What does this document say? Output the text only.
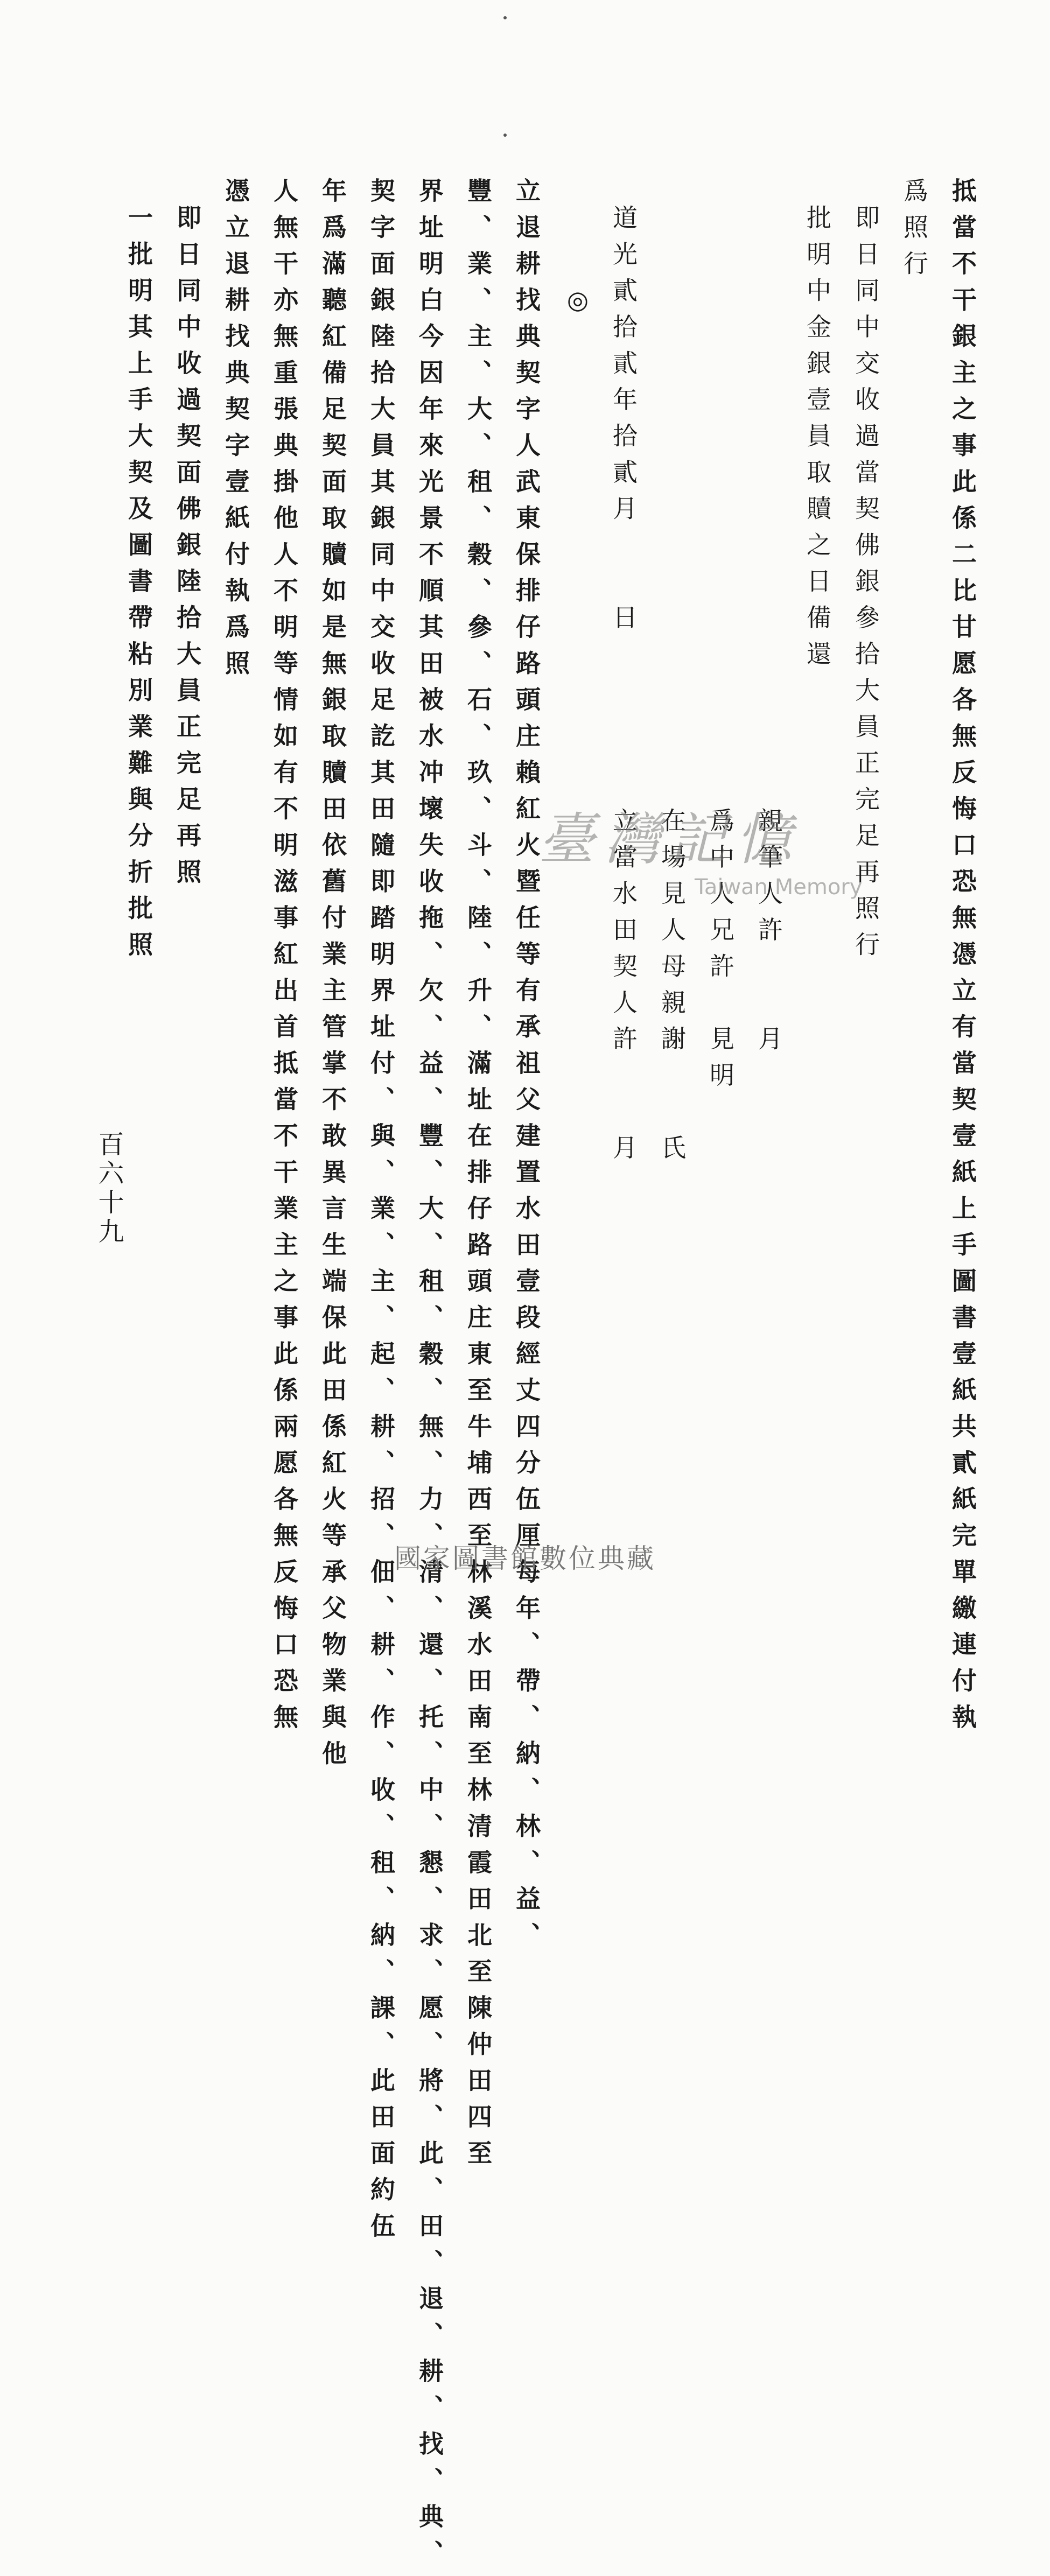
抵當不干銀主之事此係二比甘愿各無反悔口恐無憑立有當契壹紙上手圖書壹紙共貳紙完單繳連付執
爲照行
即日同中交收過當契佛銀參拾大員正完足再照行
批明中金銀壹員取贖之日備還
親筆人許　　月
爲中人兄許　見明
在場見人母親謝　　氏
立當水田契人許　　月
道光貳拾貳年拾貳月　　日
◎
立退耕找典契字人武東保排仔路頭庄賴紅火暨任等有承祖父建置水田壹段經丈四分伍厘每年、帶、納、林、益、
豐、業、主、大、租、穀、參、石、玖、斗、陸、升、滿址在排仔路頭庄東至牛埔西至林溪水田南至林清霞田北至陳仲田四至
界址明白今因年來光景不順其田被水冲壞失收拖、欠、益、豐、大、租、穀、無、力、清、還、托、中、懇、求、愿、將、此、田、退、耕、找、典、
契字面銀陸拾大員其銀同中交收足訖其田隨即踏明界址付、與、業、主、起、耕、招、佃、耕、作、收、租、納、課、此田面約伍
年爲滿聽紅備足契面取贖如是無銀取贖田依舊付業主管掌不敢異言生端保此田係紅火等承父物業與他
人無干亦無重張典掛他人不明等情如有不明滋事紅出首抵當不干業主之事此係兩愿各無反悔口恐無
憑立退耕找典契字壹紙付執爲照
即日同中收過契面佛銀陸拾大員正完足再照
一批明其上手大契及圖書帶粘別業難與分折批照
百六十九
臺灣記憶
Taiwan Memory
國家圖書館數位典藏
